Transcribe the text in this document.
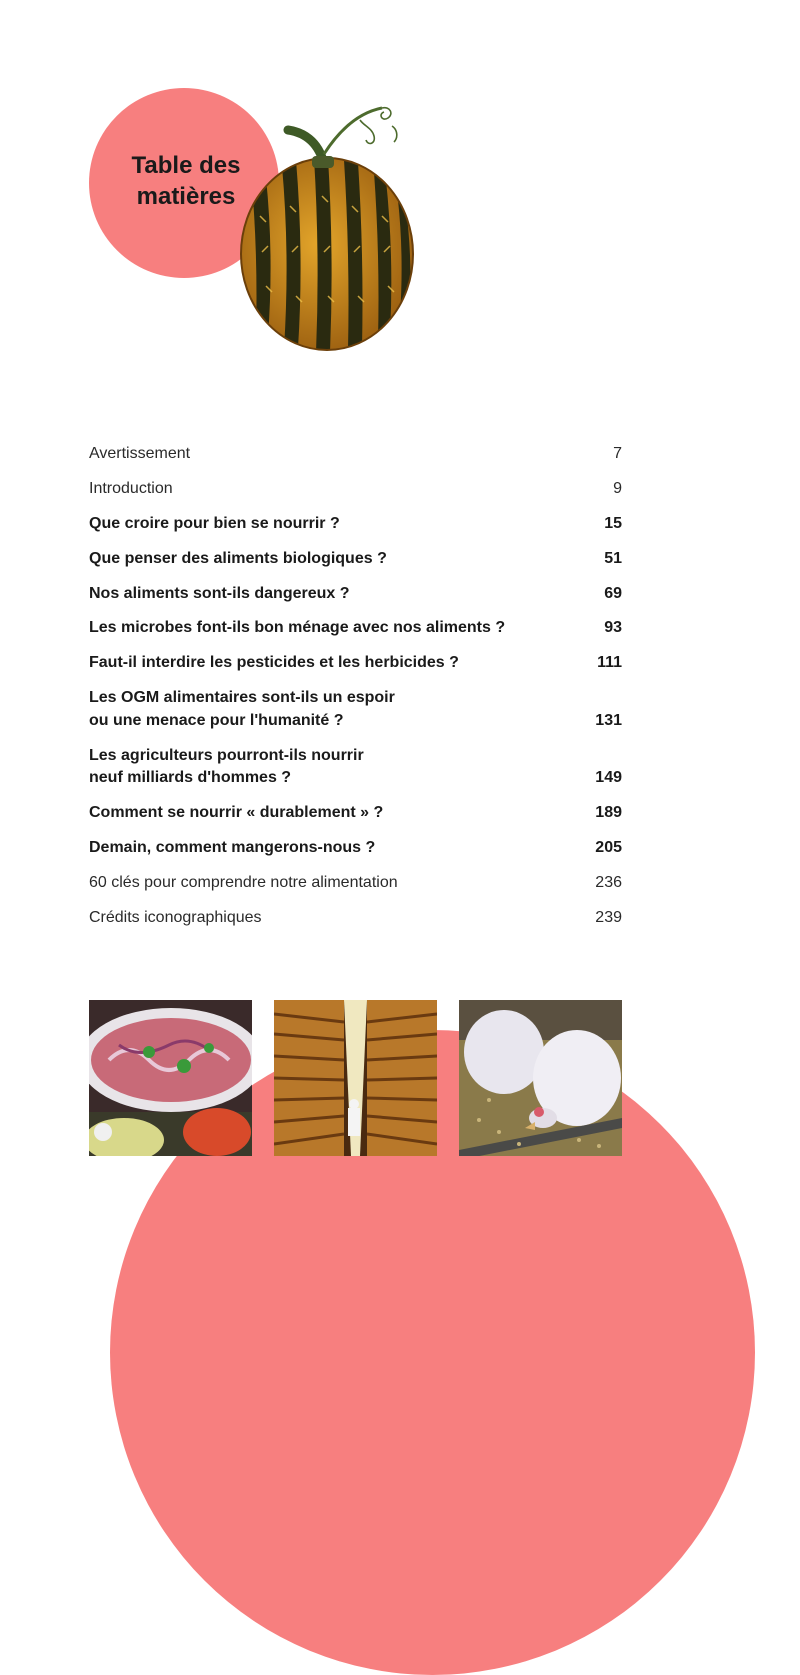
Table des
matières
Avertissement	7
Introduction	9
Que croire pour bien se nourrir ?	15
Que penser des aliments biologiques ?	51
Nos aliments sont-ils dangereux ?	69
Les microbes font-ils bon ménage avec nos aliments ?	93
Faut-il interdire les pesticides et les herbicides ?	111
Les OGM alimentaires sont-ils un espoir
ou une menace pour l'humanité ?	131
Les agriculteurs pourront-ils nourrir
neuf milliards d'hommes ?	149
Comment se nourrir « durablement » ?	189
Demain, comment mangerons-nous ?	205
60 clés pour comprendre notre alimentation	236
Crédits iconographiques	239
